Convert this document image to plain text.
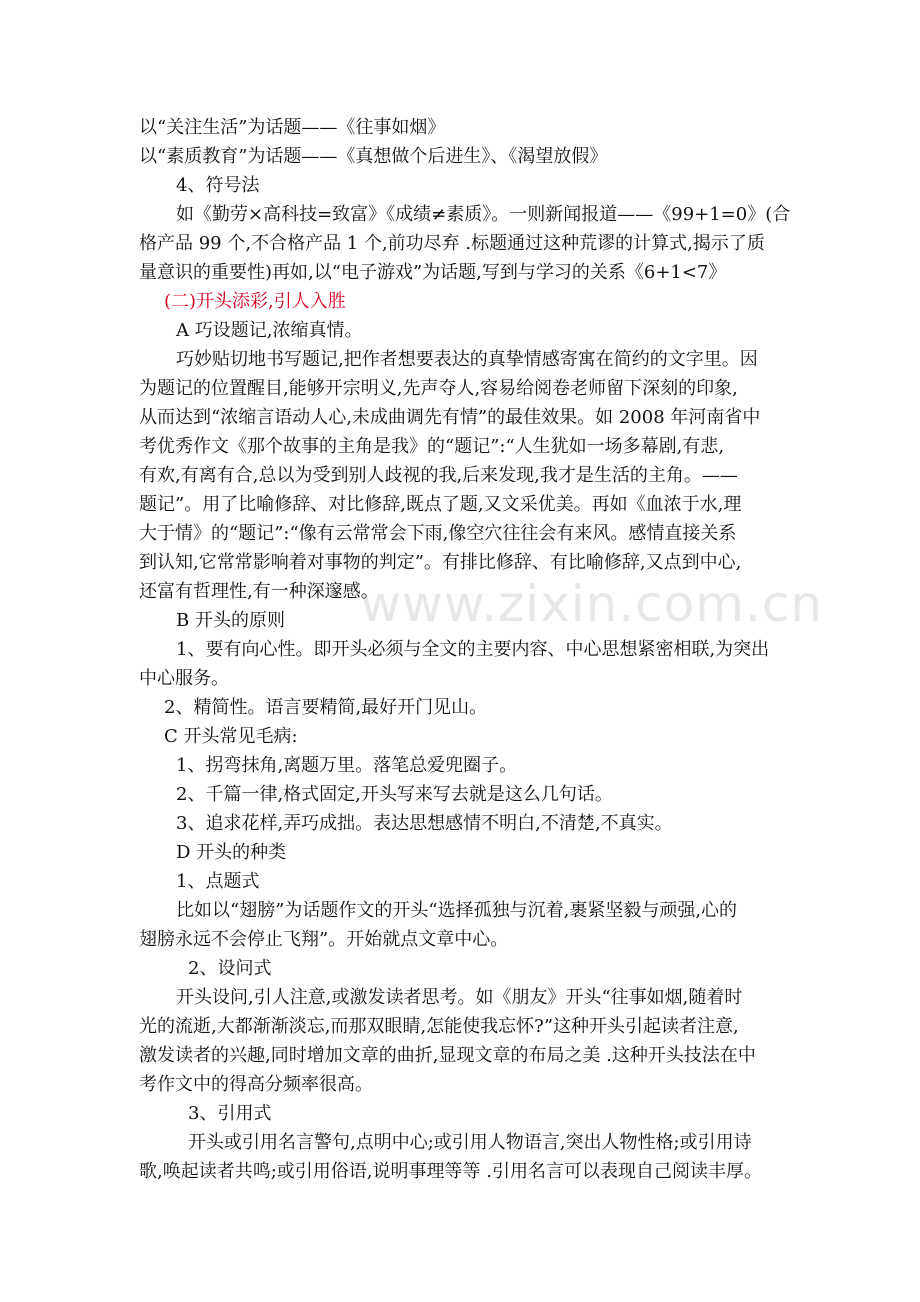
www.zixin.com.cn
以“关注生活”为话题——《往事如烟》
以“素质教育”为话题——《真想做个后进生》、《渴望放假》
4、符号法
如《勤劳×高科技=致富》《成绩≠素质》。一则新闻报道——《99+1=0》(合
格产品 99 个,不合格产品 1 个,前功尽弃 .标题通过这种荒谬的计算式,揭示了质
量意识的重要性)再如,以“电子游戏”为话题,写到与学习的关系《6+1<7》
(二)开头添彩,引人入胜
A 巧设题记,浓缩真情。
巧妙贴切地书写题记,把作者想要表达的真挚情感寄寓在简约的文字里。因
为题记的位置醒目,能够开宗明义,先声夺人,容易给阅卷老师留下深刻的印象,
从而达到“浓缩言语动人心,未成曲调先有情”的最佳效果。如 2008 年河南省中
考优秀作文《那个故事的主角是我》的“题记”:“人生犹如一场多幕剧,有悲,
有欢,有离有合,总以为受到别人歧视的我,后来发现,我才是生活的主角。——
题记”。用了比喻修辞、对比修辞,既点了题,又文采优美。再如《血浓于水,理
大于情》的“题记”:“像有云常常会下雨,像空穴往往会有来风。感情直接关系
到认知,它常常影响着对事物的判定”。有排比修辞、有比喻修辞,又点到中心,
还富有哲理性,有一种深邃感。
B 开头的原则
1、要有向心性。即开头必须与全文的主要内容、中心思想紧密相联,为突出
中心服务。
2、精简性。语言要精简,最好开门见山。
C 开头常见毛病:
1、拐弯抹角,离题万里。落笔总爱兜圈子。
2、千篇一律,格式固定,开头写来写去就是这么几句话。
3、追求花样,弄巧成拙。表达思想感情不明白,不清楚,不真实。
D 开头的种类
1、点题式
比如以“翅膀”为话题作文的开头“选择孤独与沉着,裹紧坚毅与顽强,心的
翅膀永远不会停止飞翔”。开始就点文章中心。
2、设问式
开头设问,引人注意,或激发读者思考。如《朋友》开头“往事如烟,随着时
光的流逝,大都渐渐淡忘,而那双眼睛,怎能使我忘怀?”这种开头引起读者注意,
激发读者的兴趣,同时增加文章的曲折,显现文章的布局之美 .这种开头技法在中
考作文中的得高分频率很高。
3、引用式
开头或引用名言警句,点明中心;或引用人物语言,突出人物性格;或引用诗
歌,唤起读者共鸣;或引用俗语,说明事理等等 .引用名言可以表现自己阅读丰厚。
